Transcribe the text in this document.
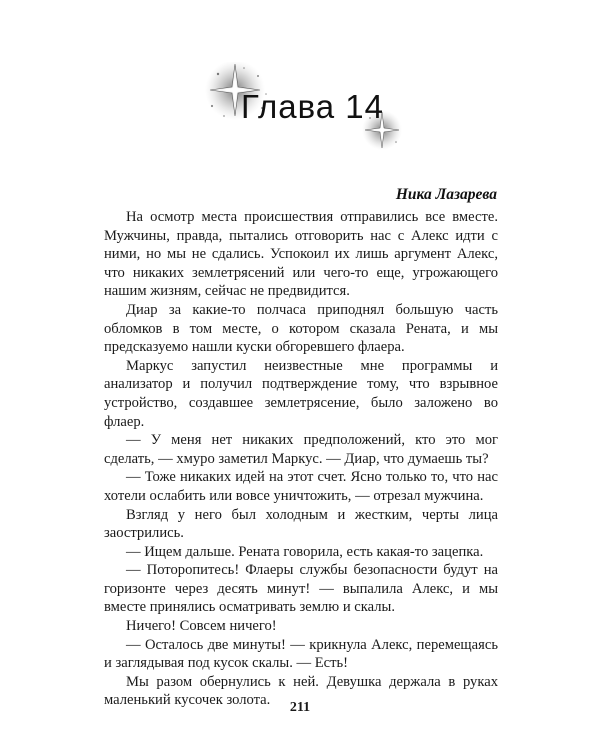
Глава 14
Ника Лазарева

На осмотр места происшествия отправились все вместе. Мужчины, правда, пытались отговорить нас с Алекс идти с ними, но мы не сдались. Успокоил их лишь аргумент Алекс, что никаких землетрясений или чего-то еще, угрожающего нашим жизням, сейчас не предвидится.

Диар за какие-то полчаса приподнял большую часть обломков в том месте, о котором сказала Рената, и мы предсказуемо нашли куски обгоревшего флаера.

Маркус запустил неизвестные мне программы и анализатор и получил подтверждение тому, что взрывное устройство, создавшее землетрясение, было заложено во флаер.

— У меня нет никаких предположений, кто это мог сделать, — хмуро заметил Маркус. — Диар, что думаешь ты?

— Тоже никаких идей на этот счет. Ясно только то, что нас хотели ослабить или вовсе уничтожить, — отрезал мужчина.

Взгляд у него был холодным и жестким, черты лица заострились.

— Ищем дальше. Рената говорила, есть какая-то зацепка.

— Поторопитесь! Флаеры службы безопасности будут на горизонте через десять минут! — выпалила Алекс, и мы вместе принялись осматривать землю и скалы.

Ничего! Совсем ничего!

— Осталось две минуты! — крикнула Алекс, перемещаясь и заглядывая под кусок скалы. — Есть!

Мы разом обернулись к ней. Девушка держала в руках маленький кусочек золота.	211
